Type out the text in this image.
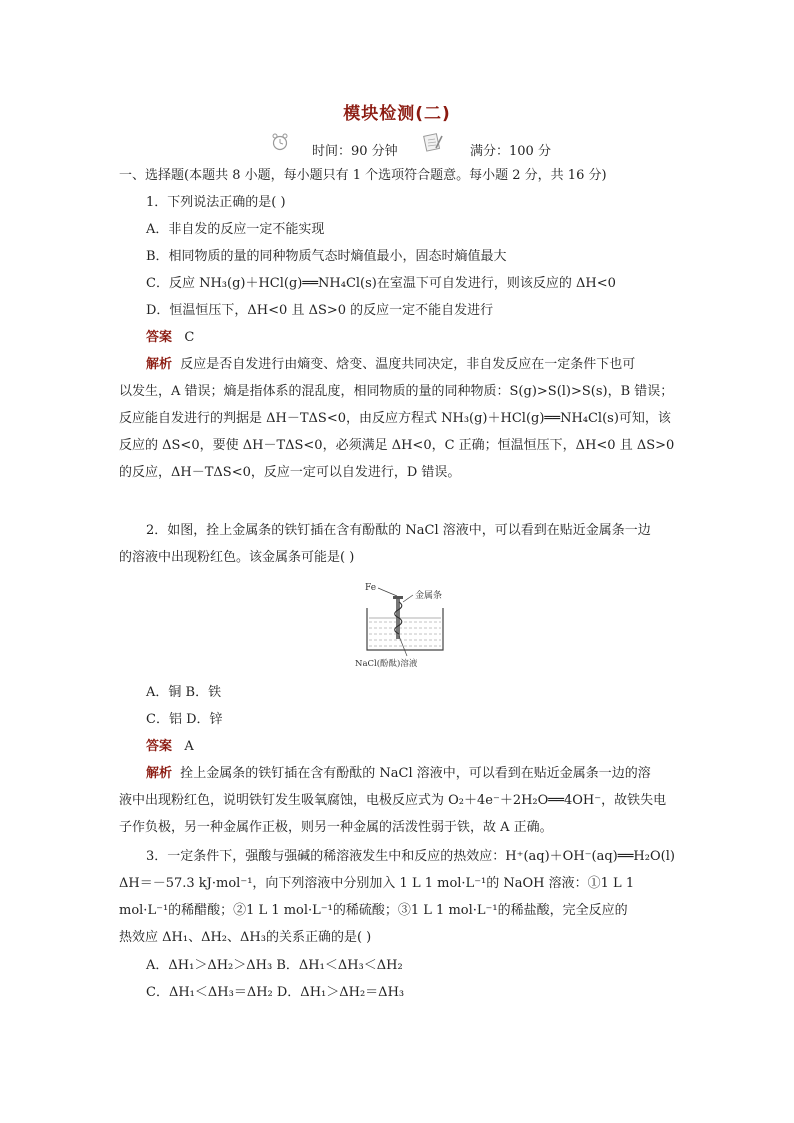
模块检测(二)
时间：90 分钟	满分：100 分
一、选择题(本题共 8 小题，每小题只有 1 个选项符合题意。每小题 2 分，共 16 分)
1．下列说法正确的是( )
A．非自发的反应一定不能实现
B．相同物质的量的同种物质气态时熵值最小，固态时熵值最大
C．反应 NH₃(g)＋HCl(g)══NH₄Cl(s)在室温下可自发进行，则该反应的 ΔH<0
D．恒温恒压下，ΔH<0 且 ΔS>0 的反应一定不能自发进行
答案 C
解析 反应是否自发进行由熵变、焓变、温度共同决定，非自发反应在一定条件下也可
以发生，A 错误；熵是指体系的混乱度，相同物质的量的同种物质：S(g)>S(l)>S(s)，B 错误；
反应能自发进行的判据是 ΔH－TΔS<0，由反应方程式 NH₃(g)＋HCl(g)══NH₄Cl(s)可知，该
反应的 ΔS<0，要使 ΔH－TΔS<0，必须满足 ΔH<0，C 正确；恒温恒压下，ΔH<0 且 ΔS>0
的反应，ΔH－TΔS<0，反应一定可以自发进行，D 错误。
2．如图，拴上金属条的铁钉插在含有酚酞的 NaCl 溶液中，可以看到在贴近金属条一边
的溶液中出现粉红色。该金属条可能是( )
Fe
金属条
NaCl(酚酞)溶液
A．铜 B．铁
C．铝 D．锌
答案 A
解析 拴上金属条的铁钉插在含有酚酞的 NaCl 溶液中，可以看到在贴近金属条一边的溶
液中出现粉红色，说明铁钉发生吸氧腐蚀，电极反应式为 O₂＋4e⁻＋2H₂O══4OH⁻，故铁失电
子作负极，另一种金属作正极，则另一种金属的活泼性弱于铁，故 A 正确。
3．一定条件下，强酸与强碱的稀溶液发生中和反应的热效应：H⁺(aq)＋OH⁻(aq)══H₂O(l)
ΔH＝－57.3 kJ·mol⁻¹，向下列溶液中分别加入 1 L 1 mol·L⁻¹的 NaOH 溶液：①1 L 1
mol·L⁻¹的稀醋酸；②1 L 1 mol·L⁻¹的稀硫酸；③1 L 1 mol·L⁻¹的稀盐酸，完全反应的
热效应 ΔH₁、ΔH₂、ΔH₃的关系正确的是( )
A．ΔH₁＞ΔH₂＞ΔH₃ B．ΔH₁＜ΔH₃＜ΔH₂
C．ΔH₁＜ΔH₃＝ΔH₂ D．ΔH₁＞ΔH₂＝ΔH₃
